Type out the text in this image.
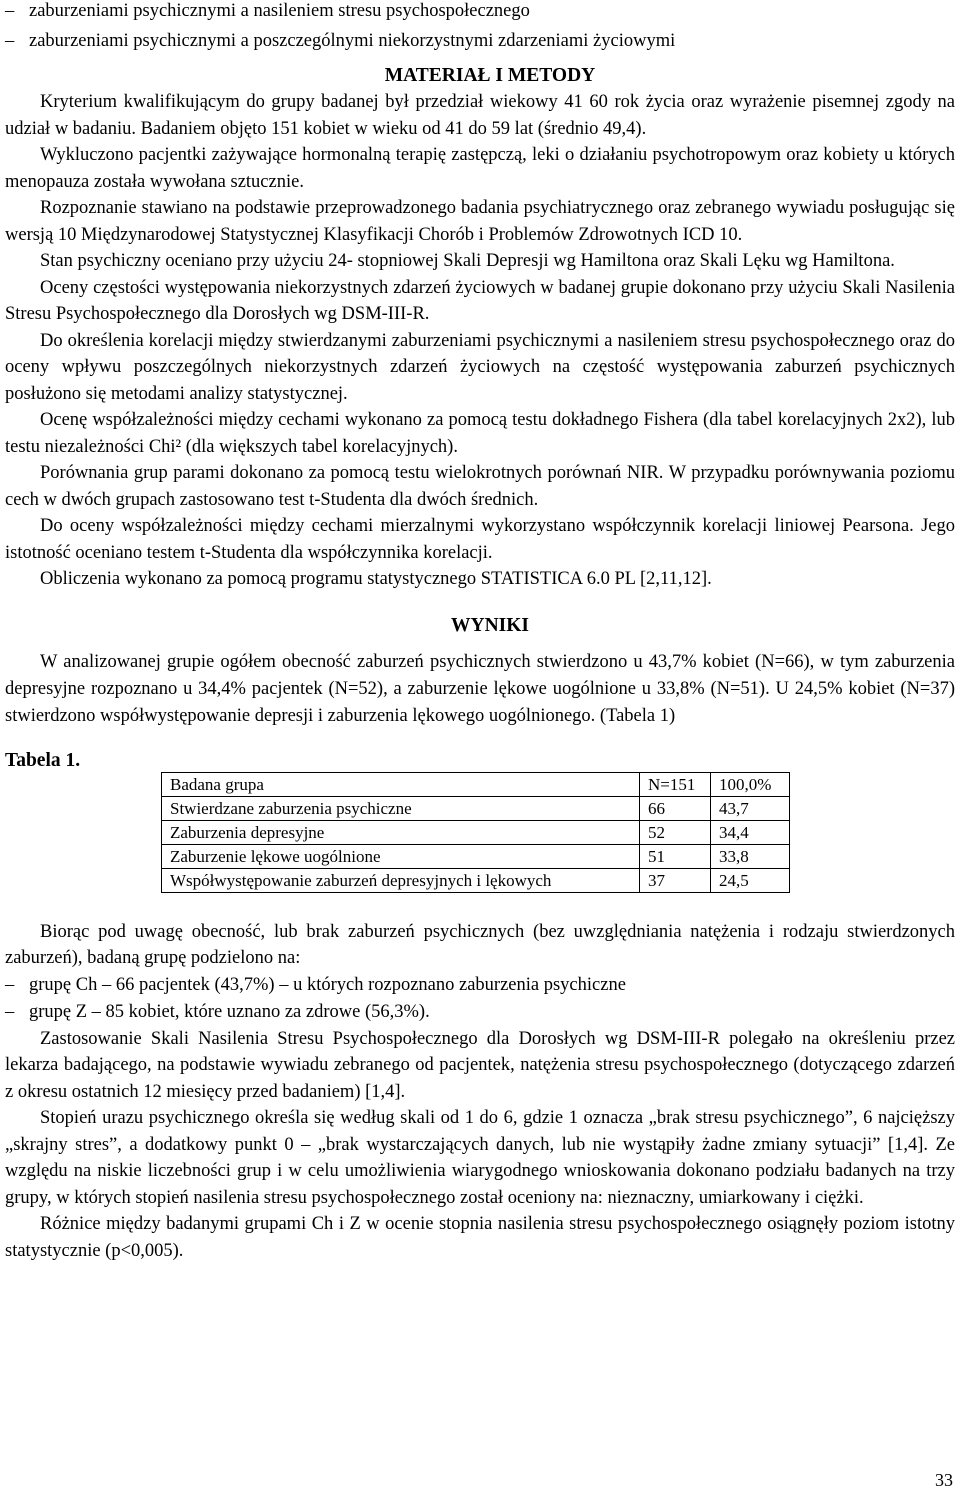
– zaburzeniami psychicznymi a nasileniem stresu psychospołecznego
– zaburzeniami psychicznymi a poszczególnymi niekorzystnymi zdarzeniami życiowymi
MATERIAŁ I METODY

Kryterium kwalifikującym do grupy badanej był przedział wiekowy 41 60 rok życia oraz wyrażenie pisemnej zgody na udział w badaniu. Badaniem objęto 151 kobiet w wieku od 41 do 59 lat (średnio 49,4).

Wykluczono pacjentki zażywające hormonalną terapię zastępczą, leki o działaniu psychotropowym oraz kobiety u których menopauza została wywołana sztucznie.

Rozpoznanie stawiano na podstawie przeprowadzonego badania psychiatrycznego oraz zebranego wywiadu posługując się wersją 10 Międzynarodowej Statystycznej Klasyfikacji Chorób i Problemów Zdrowotnych ICD 10.

Stan psychiczny oceniano przy użyciu 24- stopniowej Skali Depresji wg Hamiltona oraz Skali Lęku wg Hamiltona.

Oceny częstości występowania niekorzystnych zdarzeń życiowych w badanej grupie dokonano przy użyciu Skali Nasilenia Stresu Psychospołecznego dla Dorosłych wg DSM-III-R.

Do określenia korelacji między stwierdzanymi zaburzeniami psychicznymi a nasileniem stresu psychospołecznego oraz do oceny wpływu poszczególnych niekorzystnych zdarzeń życiowych na częstość występowania zaburzeń psychicznych posłużono się metodami analizy statystycznej.

Ocenę współzależności między cechami wykonano za pomocą testu dokładnego Fishera (dla tabel korelacyjnych 2x2), lub testu niezależności Chi² (dla większych tabel korelacyjnych).

Porównania grup parami dokonano za pomocą testu wielokrotnych porównań NIR. W przypadku porównywania poziomu cech w dwóch grupach zastosowano test t-Studenta dla dwóch średnich.

Do oceny współzależności między cechami mierzalnymi wykorzystano współczynnik korelacji liniowej Pearsona. Jego istotność oceniano testem t-Studenta dla współczynnika korelacji.

Obliczenia wykonano za pomocą programu statystycznego STATISTICA 6.0 PL [2,11,12].

WYNIKI

W analizowanej grupie ogółem obecność zaburzeń psychicznych stwierdzono u 43,7% kobiet (N=66), w tym zaburzenia depresyjne rozpoznano u 34,4% pacjentek (N=52), a zaburzenie lękowe uogólnione u 33,8% (N=51). U 24,5% kobiet (N=37) stwierdzono współwystępowanie depresji i zaburzenia lękowego uogólnionego. (Tabela 1)

Tabela 1.
Badana grupa	N=151	100,0%
Stwierdzane zaburzenia psychiczne	66	43,7
Zaburzenia depresyjne	52	34,4
Zaburzenie lękowe uogólnione	51	33,8
Współwystępowanie zaburzeń depresyjnych i lękowych	37	24,5

Biorąc pod uwagę obecność, lub brak zaburzeń psychicznych (bez uwzględniania natężenia i rodzaju stwierdzonych zaburzeń), badaną grupę podzielono na:

– grupę Ch – 66 pacjentek (43,7%) – u których rozpoznano zaburzenia psychiczne
– grupę Z – 85 kobiet, które uznano za zdrowe (56,3%).

Zastosowanie Skali Nasilenia Stresu Psychospołecznego dla Dorosłych wg DSM-III-R polegało na określeniu przez lekarza badającego, na podstawie wywiadu zebranego od pacjentek, natężenia stresu psychospołecznego (dotyczącego zdarzeń z okresu ostatnich 12 miesięcy przed badaniem) [1,4].

Stopień urazu psychicznego określa się według skali od 1 do 6, gdzie 1 oznacza „brak stresu psychicznego”, 6 najcięższy „skrajny stres”, a dodatkowy punkt 0 – „brak wystarczających danych, lub nie wystąpiły żadne zmiany sytuacji” [1,4]. Ze względu na niskie liczebności grup i w celu umożliwienia wiarygodnego wnioskowania dokonano podziału badanych na trzy grupy, w których stopień nasilenia stresu psychospołecznego został oceniony na: nieznaczny, umiarkowany i ciężki.

Różnice między badanymi grupami Ch i Z w ocenie stopnia nasilenia stresu psychospołecznego osiągnęły poziom istotny statystycznie (p<0,005).

33
